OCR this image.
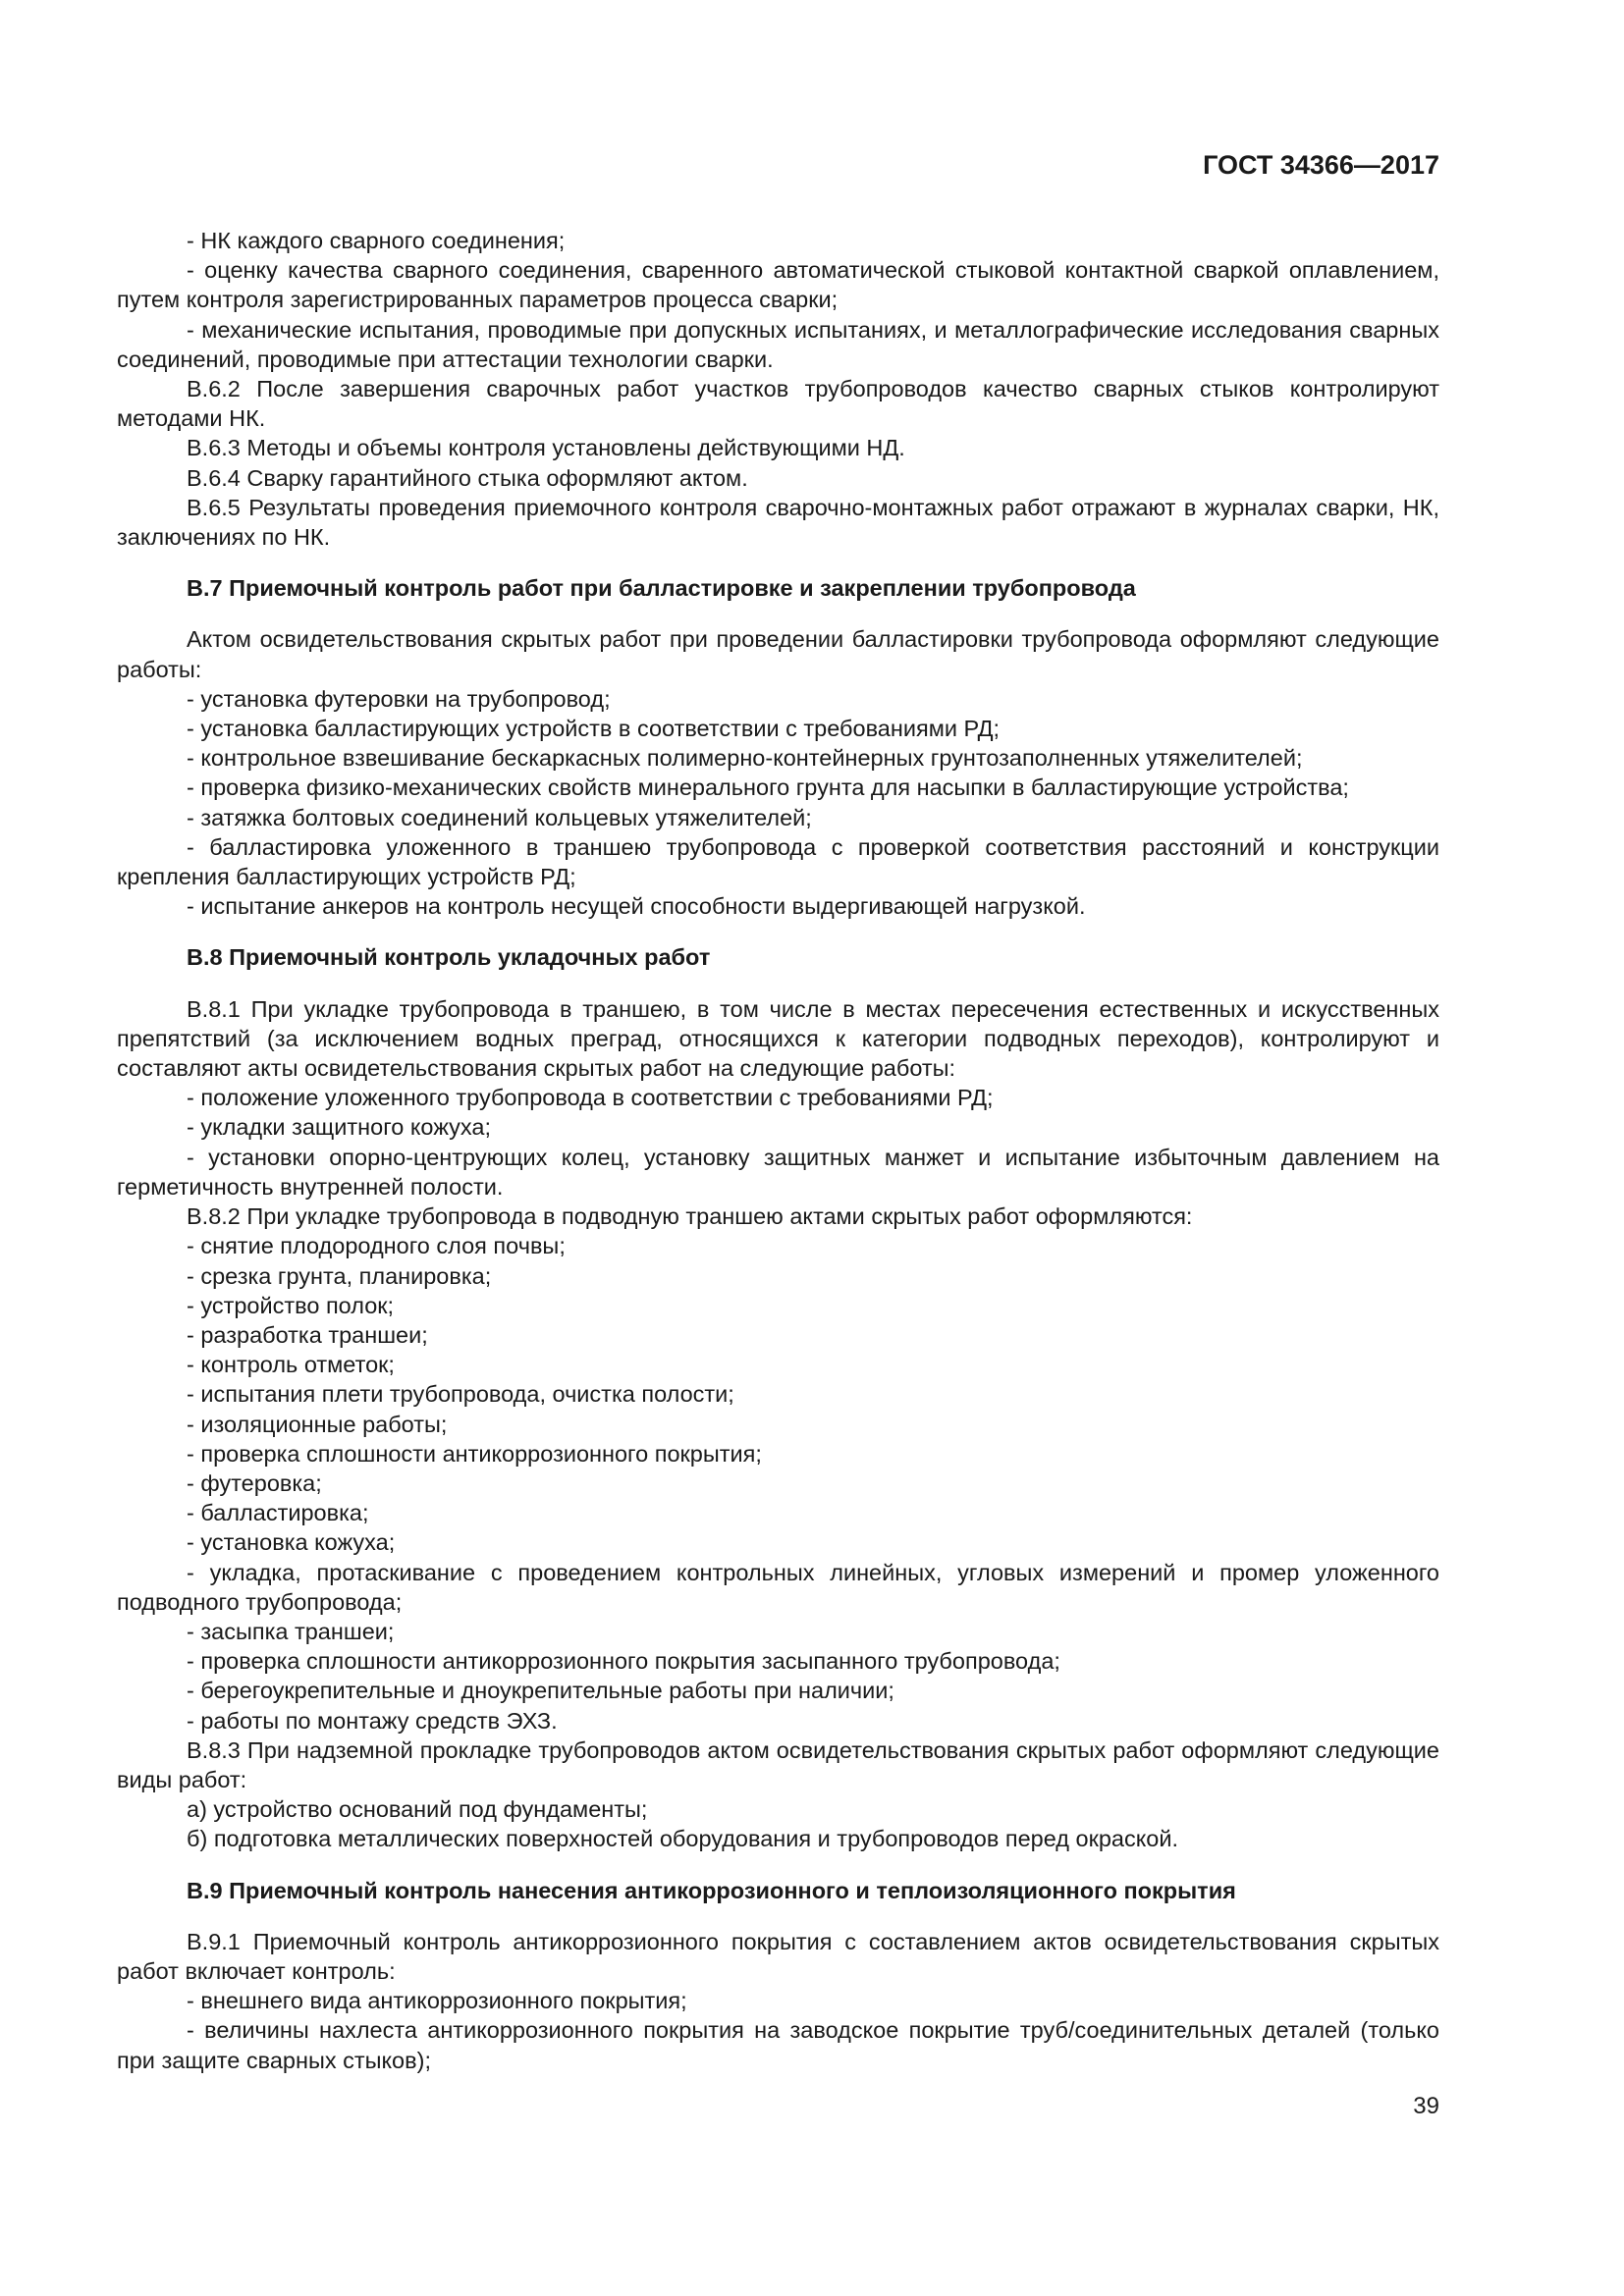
ГОСТ 34366—2017

- НК каждого сварного соединения;

- оценку качества сварного соединения, сваренного автоматической стыковой контактной сваркой оплавлением, путем контроля зарегистрированных параметров процесса сварки;

- механические испытания, проводимые при допускных испытаниях, и металлографические исследования сварных соединений, проводимые при аттестации технологии сварки.

В.6.2 После завершения сварочных работ участков трубопроводов качество сварных стыков контролируют методами НК.

В.6.3 Методы и объемы контроля установлены действующими НД.

В.6.4 Сварку гарантийного стыка оформляют актом.

В.6.5 Результаты проведения приемочного контроля сварочно-монтажных работ отражают в журналах сварки, НК, заключениях по НК.

В.7 Приемочный контроль работ при балластировке и закреплении трубопровода

Актом освидетельствования скрытых работ при проведении балластировки трубопровода оформляют следующие работы:

- установка футеровки на трубопровод;

- установка балластирующих устройств в соответствии с требованиями РД;

- контрольное взвешивание бескаркасных полимерно-контейнерных грунтозаполненных утяжелителей;

- проверка физико-механических свойств минерального грунта для насыпки в балластирующие устройства;

- затяжка болтовых соединений кольцевых утяжелителей;

- балластировка уложенного в траншею трубопровода с проверкой соответствия расстояний и конструкции крепления балластирующих устройств РД;

- испытание анкеров на контроль несущей способности выдергивающей нагрузкой.

В.8 Приемочный контроль укладочных работ

В.8.1 При укладке трубопровода в траншею, в том числе в местах пересечения естественных и искусственных препятствий (за исключением водных преград, относящихся к категории подводных переходов), контролируют и составляют акты освидетельствования скрытых работ на следующие работы:

- положение уложенного трубопровода в соответствии с требованиями РД;

- укладки защитного кожуха;

- установки опорно-центрующих колец, установку защитных манжет и испытание избыточным давлением на герметичность внутренней полости.

В.8.2 При укладке трубопровода в подводную траншею актами скрытых работ оформляются:

- снятие плодородного слоя почвы;

- срезка грунта, планировка;

- устройство полок;

- разработка траншеи;

- контроль отметок;

- испытания плети трубопровода, очистка полости;

- изоляционные работы;

- проверка сплошности антикоррозионного покрытия;

- футеровка;

- балластировка;

- установка кожуха;

- укладка, протаскивание с проведением контрольных линейных, угловых измерений и промер уложенного подводного трубопровода;

- засыпка траншеи;

- проверка сплошности антикоррозионного покрытия засыпанного трубопровода;

- берегоукрепительные и дноукрепительные работы при наличии;

- работы по монтажу средств ЭХЗ.

В.8.3 При надземной прокладке трубопроводов актом освидетельствования скрытых работ оформляют следующие виды работ:

а) устройство оснований под фундаменты;

б) подготовка металлических поверхностей оборудования и трубопроводов перед окраской.

В.9 Приемочный контроль нанесения антикоррозионного и теплоизоляционного покрытия

В.9.1 Приемочный контроль антикоррозионного покрытия с составлением актов освидетельствования скрытых работ включает контроль:

- внешнего вида антикоррозионного покрытия;

- величины нахлеста антикоррозионного покрытия на заводское покрытие труб/соединительных деталей (только при защите сварных стыков);

39
